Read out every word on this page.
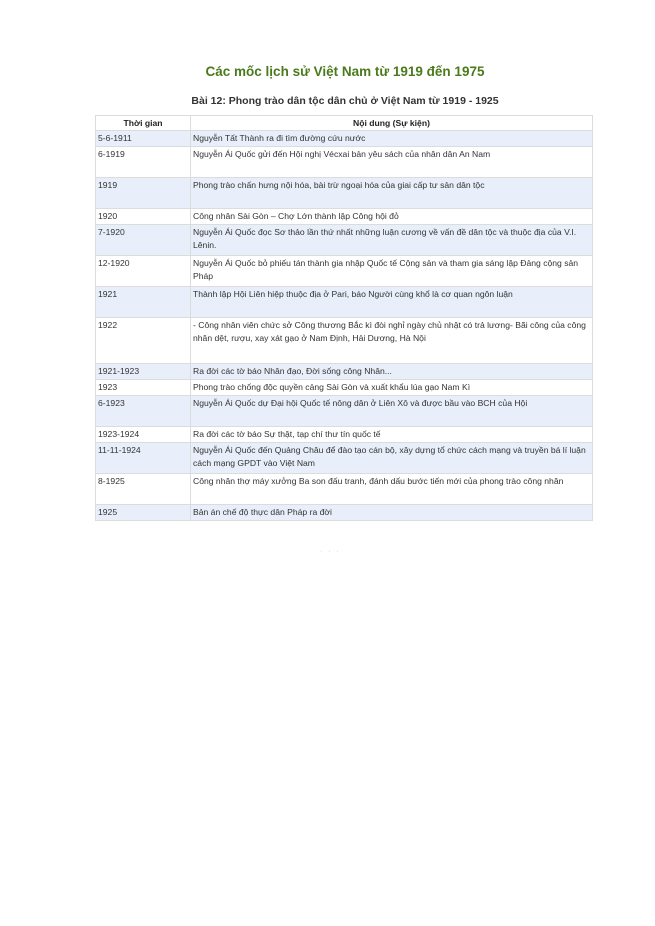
Các mốc lịch sử Việt Nam từ 1919 đến 1975
Bài 12: Phong trào dân tộc dân chủ ở Việt Nam từ 1919 - 1925
Thời gian	Nội dung (Sự kiện)
5-6-1911	Nguyễn Tất Thành ra đi tìm đường cứu nước
6-1919	Nguyễn Ái Quốc gửi đến Hội nghị Vécxai bản yêu sách của nhân dân An Nam
1919	Phong trào chấn hưng nội hóa, bài trừ ngoại hóa của giai cấp tư sản dân tộc
1920	Công nhân Sài Gòn – Chợ Lớn thành lập Công hội đỏ
7-1920	Nguyễn Ái Quốc đọc Sơ thảo lần thứ nhất những luận cương về vấn đề dân tộc và thuộc địa của V.I. Lênin.
12-1920	Nguyễn Ái Quốc bỏ phiếu tán thành gia nhập Quốc tế Cộng sản và tham gia sáng lập Đảng cộng sản Pháp
1921	Thành lập Hội Liên hiệp thuộc địa ở Pari, báo Người cùng khổ là cơ quan ngôn luận
1922	- Công nhân viên chức sở Công thương Bắc kì đòi nghỉ ngày chủ nhật có trả lương- Bãi công của công nhân dệt, rượu, xay xát gạo ở Nam Định, Hải Dương, Hà Nội
1921-1923	Ra đời các tờ báo Nhân đạo, Đời sống công Nhân...
1923	Phong trào chống độc quyền cảng Sài Gòn và xuất khẩu lúa gạo Nam Kì
6-1923	Nguyễn Ái Quốc dự Đại hội Quốc tế nông dân ở Liên Xô và được bầu vào BCH của Hội
1923-1924	Ra đời các tờ báo Sự thật, tạp chí thư tín quốc tế
11-11-1924	Nguyễn Ái Quốc đến Quảng Châu để đào tạo cán bộ, xây dựng tổ chức cách mạng và truyền bá lí luận cách mạng GPDT vào Việt Nam
8-1925	Công nhân thợ máy xưởng Ba son đấu tranh, đánh dấu bước tiến mới của phong trào công nhân
1925	Bản án chế độ thực dân Pháp ra đời
· · ·
